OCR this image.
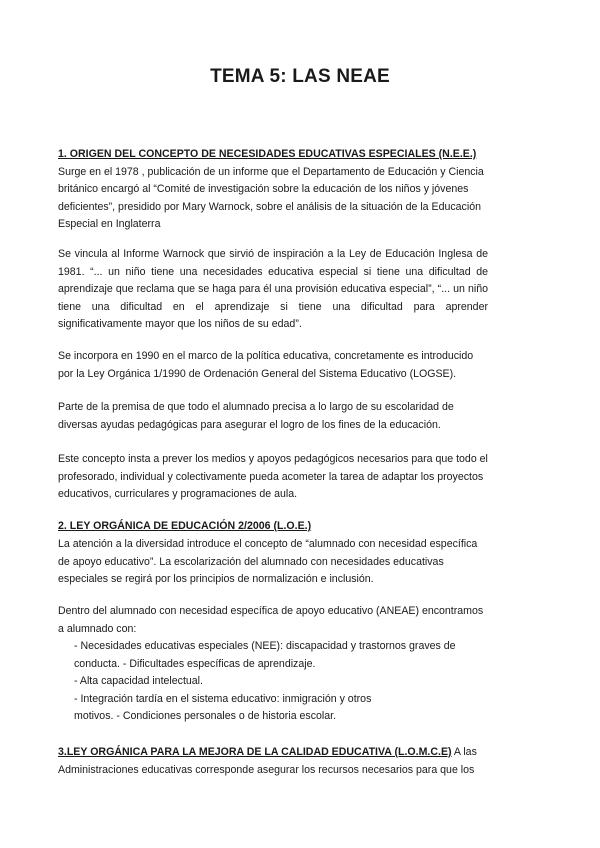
TEMA 5: LAS NEAE
1. ORIGEN DEL CONCEPTO DE NECESIDADES EDUCATIVAS ESPECIALES (N.E.E.) Surge en el 1978 , publicación de un informe que el Departamento de Educación y Ciencia británico encargó al “Comité de investigación sobre la educación de los niños y jóvenes deficientes”, presidido por Mary Warnock, sobre el análisis de la situación de la Educación Especial en Inglaterra
Se vincula al Informe Warnock que sirvió de inspiración a la Ley de Educación Inglesa de 1981. “... un niño tiene una necesidades educativa especial si tiene una dificultad de aprendizaje que reclama que se haga para él una provisión educativa especial”, “... un niño tiene una dificultad en el aprendizaje si tiene una dificultad para aprender significativamente mayor que los niños de su edad”.
Se incorpora en 1990 en el marco de la política educativa, concretamente es introducido por la Ley Orgánica 1/1990 de Ordenación General del Sistema Educativo (LOGSE).
Parte de la premisa de que todo el alumnado precisa a lo largo de su escolaridad de diversas ayudas pedagógicas para asegurar el logro de los fines de la educación.
Este concepto insta a prever los medios y apoyos pedagógicos necesarios para que todo el profesorado, individual y colectivamente pueda acometer la tarea de adaptar los proyectos educativos, curriculares y programaciones de aula.
2. LEY ORGÁNICA DE EDUCACIÓN 2/2006 (L.O.E.)
La atención a la diversidad introduce el concepto de “alumnado con necesidad específica de apoyo educativo”. La escolarización del alumnado con necesidades educativas especiales se regirá por los principios de normalización e inclusión.
Dentro del alumnado con necesidad específica de apoyo educativo (ANEAE) encontramos a alumnado con:
- Necesidades educativas especiales (NEE): discapacidad y trastornos graves de
conducta. - Dificultades específicas de aprendizaje.
- Alta capacidad intelectual.
- Integración tardía en el sistema educativo: inmigración y otros
motivos. - Condiciones personales o de historia escolar.
3.LEY ORGÁNICA PARA LA MEJORA DE LA CALIDAD EDUCATIVA (L.O.M.C.E) A las Administraciones educativas corresponde asegurar los recursos necesarios para que los
